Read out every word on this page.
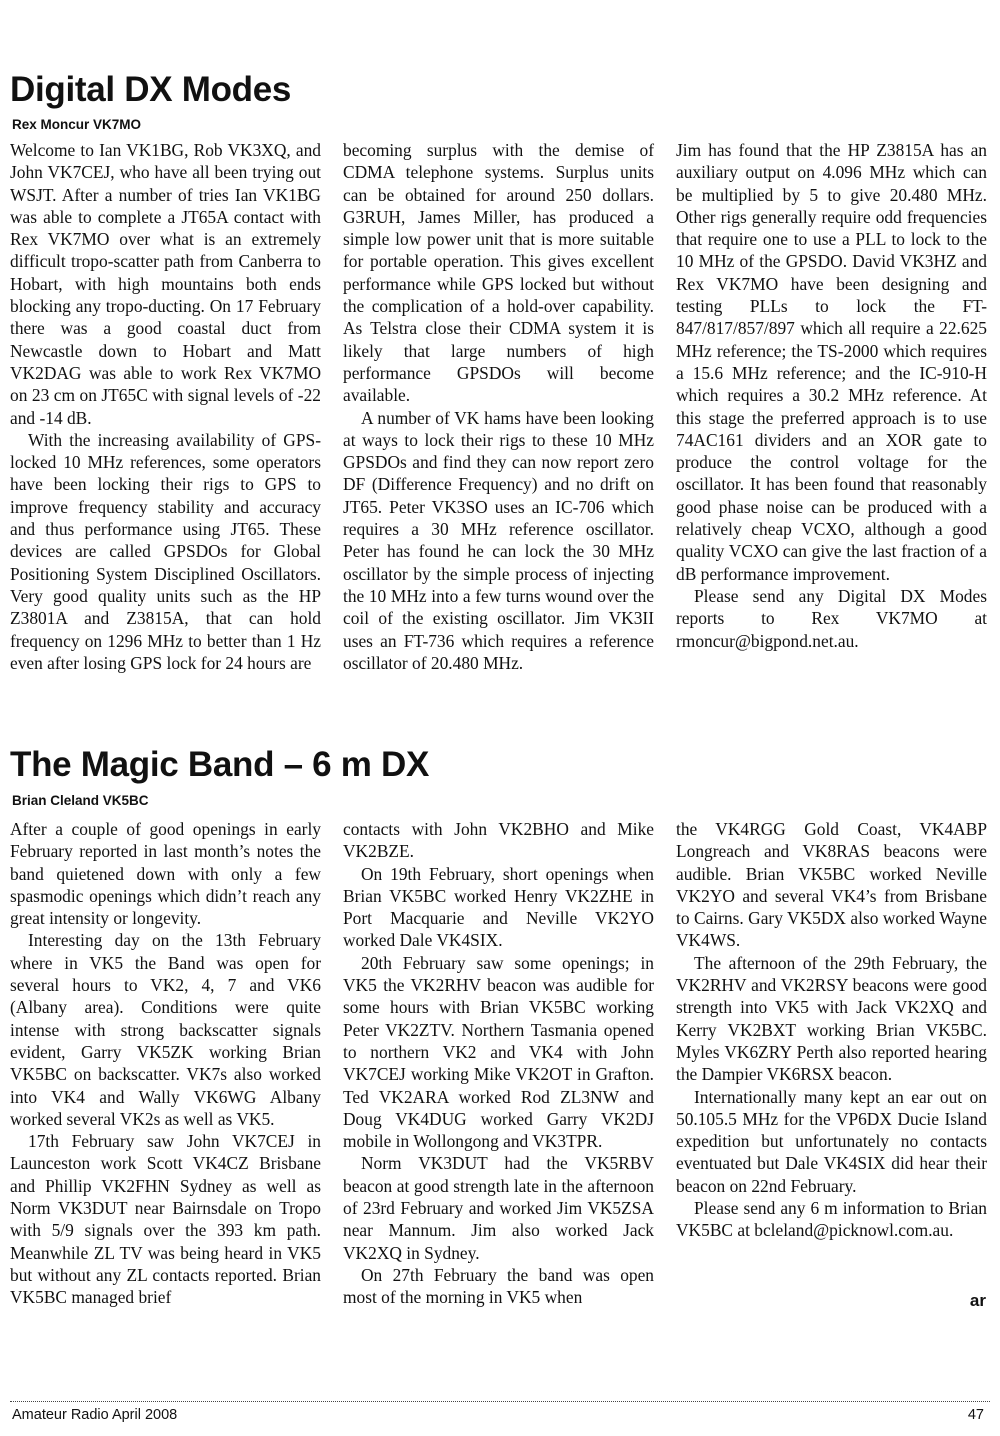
Digital DX Modes
Rex Moncur VK7MO

Welcome to Ian VK1BG, Rob VK3XQ, and John VK7CEJ, who have all been trying out WSJT. After a number of tries Ian VK1BG was able to complete a JT65A contact with Rex VK7MO over what is an extremely difficult tropo-scatter path from Canberra to Hobart, with high mountains both ends blocking any tropo-ducting. On 17 February there was a good coastal duct from Newcastle down to Hobart and Matt VK2DAG was able to work Rex VK7MO on 23 cm on JT65C with signal levels of -22 and -14 dB.

With the increasing availability of GPS-locked 10 MHz references, some operators have been locking their rigs to GPS to improve frequency stability and accuracy and thus performance using JT65. These devices are called GPSDOs for Global Positioning System Disciplined Oscillators. Very good quality units such as the HP Z3801A and Z3815A, that can hold frequency on 1296 MHz to better than 1 Hz even after losing GPS lock for 24 hours are

becoming surplus with the demise of CDMA telephone systems. Surplus units can be obtained for around 250 dollars. G3RUH, James Miller, has produced a simple low power unit that is more suitable for portable operation. This gives excellent performance while GPS locked but without the complication of a hold-over capability. As Telstra close their CDMA system it is likely that large numbers of high performance GPSDOs will become available.

A number of VK hams have been looking at ways to lock their rigs to these 10 MHz GPSDOs and find they can now report zero DF (Difference Frequency) and no drift on JT65. Peter VK3SO uses an IC-706 which requires a 30 MHz reference oscillator. Peter has found he can lock the 30 MHz oscillator by the simple process of injecting the 10 MHz into a few turns wound over the coil of the existing oscillator. Jim VK3II uses an FT-736 which requires a reference oscillator of 20.480 MHz.

Jim has found that the HP Z3815A has an auxiliary output on 4.096 MHz which can be multiplied by 5 to give 20.480 MHz. Other rigs generally require odd frequencies that require one to use a PLL to lock to the 10 MHz of the GPSDO. David VK3HZ and Rex VK7MO have been designing and testing PLLs to lock the FT-847/817/857/897 which all require a 22.625 MHz reference; the TS-2000 which requires a 15.6 MHz reference; and the IC-910-H which requires a 30.2 MHz reference. At this stage the preferred approach is to use 74AC161 dividers and an XOR gate to produce the control voltage for the oscillator. It has been found that reasonably good phase noise can be produced with a relatively cheap VCXO, although a good quality VCXO can give the last fraction of a dB performance improvement.

Please send any Digital DX Modes reports to Rex VK7MO at rmoncur@bigpond.net.au.

The Magic Band – 6 m DX
Brian Cleland VK5BC

After a couple of good openings in early February reported in last month’s notes the band quietened down with only a few spasmodic openings which didn’t reach any great intensity or longevity.

Interesting day on the 13th February where in VK5 the Band was open for several hours to VK2, 4, 7 and VK6 (Albany area). Conditions were quite intense with strong backscatter signals evident, Garry VK5ZK working Brian VK5BC on backscatter. VK7s also worked into VK4 and Wally VK6WG Albany worked several VK2s as well as VK5.

17th February saw John VK7CEJ in Launceston work Scott VK4CZ Brisbane and Phillip VK2FHN Sydney as well as Norm VK3DUT near Bairnsdale on Tropo with 5/9 signals over the 393 km path. Meanwhile ZL TV was being heard in VK5 but without any ZL contacts reported. Brian VK5BC managed brief

contacts with John VK2BHO and Mike VK2BZE.

On 19th February, short openings when Brian VK5BC worked Henry VK2ZHE in Port Macquarie and Neville VK2YO worked Dale VK4SIX.

20th February saw some openings; in VK5 the VK2RHV beacon was audible for some hours with Brian VK5BC working Peter VK2ZTV. Northern Tasmania opened to northern VK2 and VK4 with John VK7CEJ working Mike VK2OT in Grafton. Ted VK2ARA worked Rod ZL3NW and Doug VK4DUG worked Garry VK2DJ mobile in Wollongong and VK3TPR.

Norm VK3DUT had the VK5RBV beacon at good strength late in the afternoon of 23rd February and worked Jim VK5ZSA near Mannum. Jim also worked Jack VK2XQ in Sydney.

On 27th February the band was open most of the morning in VK5 when

the VK4RGG Gold Coast, VK4ABP Longreach and VK8RAS beacons were audible. Brian VK5BC worked Neville VK2YO and several VK4’s from Brisbane to Cairns. Gary VK5DX also worked Wayne VK4WS.

The afternoon of the 29th February, the VK2RHV and VK2RSY beacons were good strength into VK5 with Jack VK2XQ and Kerry VK2BXT working Brian VK5BC. Myles VK6ZRY Perth also reported hearing the Dampier VK6RSX beacon.

Internationally many kept an ear out on 50.105.5 MHz for the VP6DX Ducie Island expedition but unfortunately no contacts eventuated but Dale VK4SIX did hear their beacon on 22nd February.

Please send any 6 m information to Brian VK5BC at bcleland@picknowl.com.au.

ar
Amateur Radio April 2008	47
